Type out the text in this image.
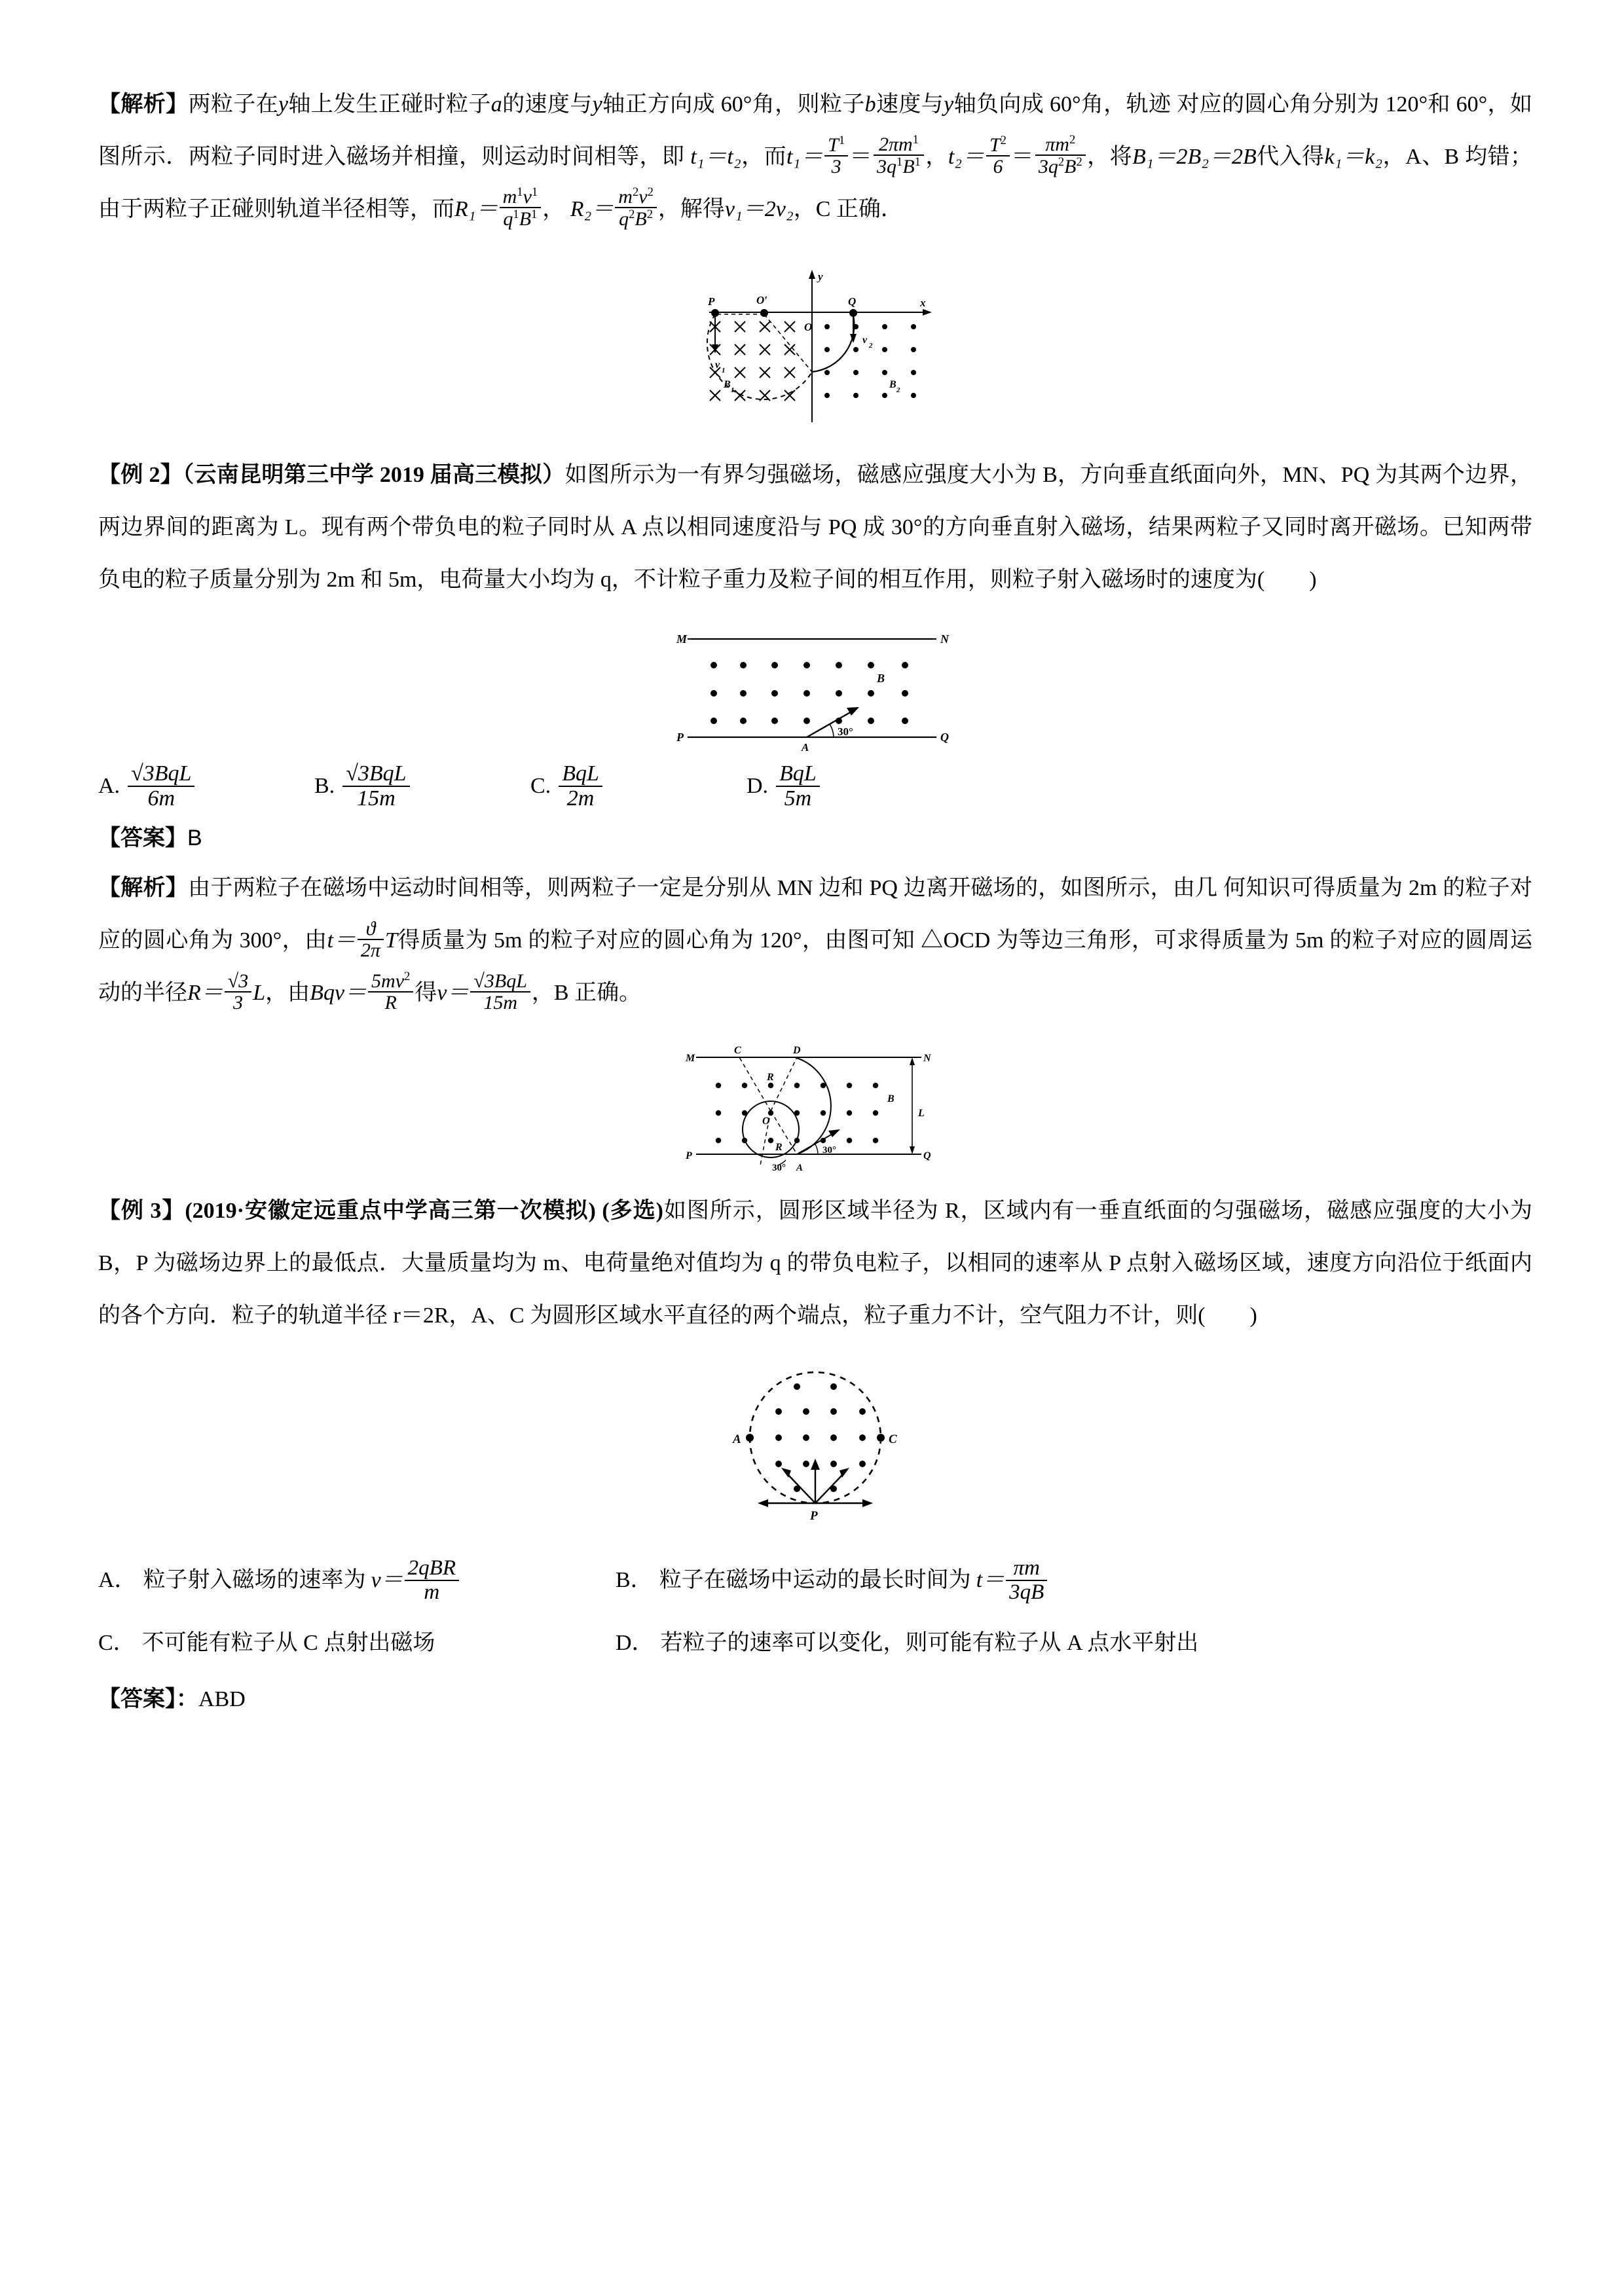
【解析】两粒子在y轴上发生正碰时粒子a的速度与y轴正方向成 60°角，则粒子b速度与y轴负向成 60°角，轨迹 对应的圆心角分别为 120°和 60°，如图所示．两粒子同时进入磁场并相撞，则运动时间相等，即 t₁＝t₂，而$t_1= \frac{T^1}{3} = \frac{2\pi m^1}{3q^1B^1}$ ，$t_2= \frac{T^2}{6} = \frac{\pi m^2}{3q^2B^2}$ ，将B₁＝2B₂＝2B代入得k₁＝k₂，A、B 均错；由于两粒子正碰则轨道半径相等，而$R_1= \frac{m^1v^1}{q^1B^1}$ ， $R_2= \frac{m^2v^2}{q^2B^2}$ ，解得v₁＝2v₂，C 正确．
P	O′	Q	x
y
O
v 1
v 2
B 1	B 2
【例 2】（云南昆明第三中学 2019 届高三模拟）如图所示为一有界匀强磁场，磁感应强度大小为 B，方向垂直纸面向外，MN、PQ 为其两个边界，两边界间的距离为 L。现有两个带负电的粒子同时从 A 点以相同速度沿与 PQ 成 30°的方向垂直射入磁场，结果两粒子又同时离开磁场。已知两带负电的粒子质量分别为 2m 和 5m，电荷量大小均为 q，不计粒子重力及粒子间的相互作用，则粒子射入磁场时的速度为(　　)
M	N
P	Q
A
B
30°
A. $\frac{\text{√3BqL}}{6m}$	B. $\frac{\text{√3BqL}}{15m}$	C. $\frac{\text{BqL}}{2m}$	D. $\frac{\text{BqL}}{5m}$
【答案】B
【解析】由于两粒子在磁场中运动时间相等，则两粒子一定是分别从 MN 边和 PQ 边离开磁场的，如图所示，由几 何知识可得质量为 2m 的粒子对应的圆心角为 300°，由$t= \frac{ϑ}{2\pi}$ T得质量为 5m 的粒子对应的圆心角为 120°，由图可知 △OCD 为等边三角形，可求得质量为 5m 的粒子对应的圆周运动的半径$R= \frac{√3}{3}$ L，由$Bqv= \frac{5mv^2}{R}$ 得$v= \frac{\text{√3BqL}}{15m}$ ，B 正确。
M	N
P	Q
C	D
O
R
R
B
L
A
30°
30°
【例 3】(2019·安徽定远重点中学高三第一次模拟) (多选)如图所示，圆形区域半径为 R，区域内有一垂直纸面的匀强磁场，磁感应强度的大小为 B，P 为磁场边界上的最低点．大量质量均为 m、电荷量绝对值均为 q 的带负电粒子，以相同的速率从 P 点射入磁场区域，速度方向沿位于纸面内的各个方向．粒子的轨道半径 r＝2R，A、C 为圆形区域水平直径的两个端点，粒子重力不计，空气阻力不计，则(　　)
A	C
P
A． 粒子射入磁场的速率为 $v= \frac{\text{2qBR}}{m}$	B． 粒子在磁场中运动的最长时间为 $t= \frac{\pi m}{3qB}$
C． 不可能有粒子从 C 点射出磁场	D． 若粒子的速率可以变化，则可能有粒子从 A 点水平射出
【答案】：ABD
